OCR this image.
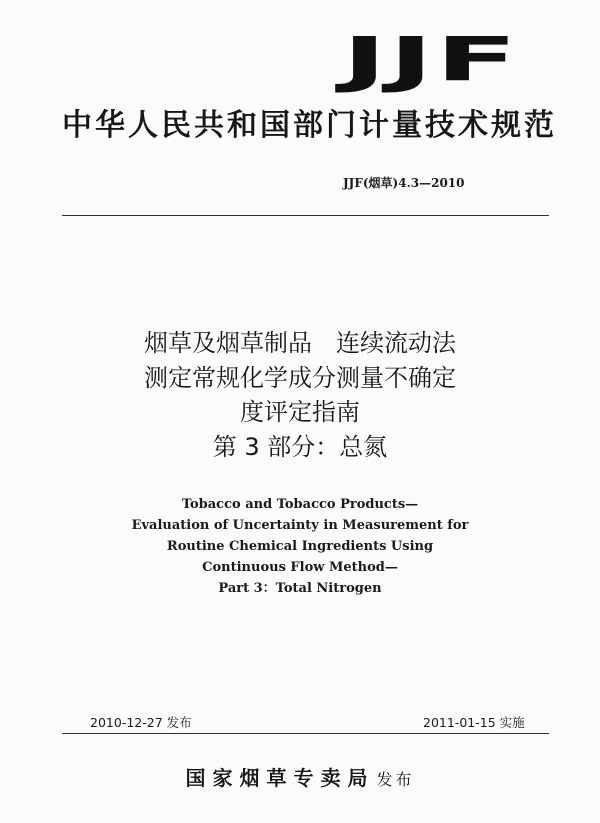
JJF
中华人民共和国部门计量技术规范
JJF(烟草)4.3—2010
烟草及烟草制品　连续流动法
测定常规化学成分测量不确定
度评定指南
第 3 部分：总氮
Tobacco and Tobacco Products—
Evaluation of Uncertainty in Measurement for
Routine Chemical Ingredients Using
Continuous Flow Method—
Part 3：Total Nitrogen
2010-12-27 发布	2011-01-15 实施
国家烟草专卖局 发布
